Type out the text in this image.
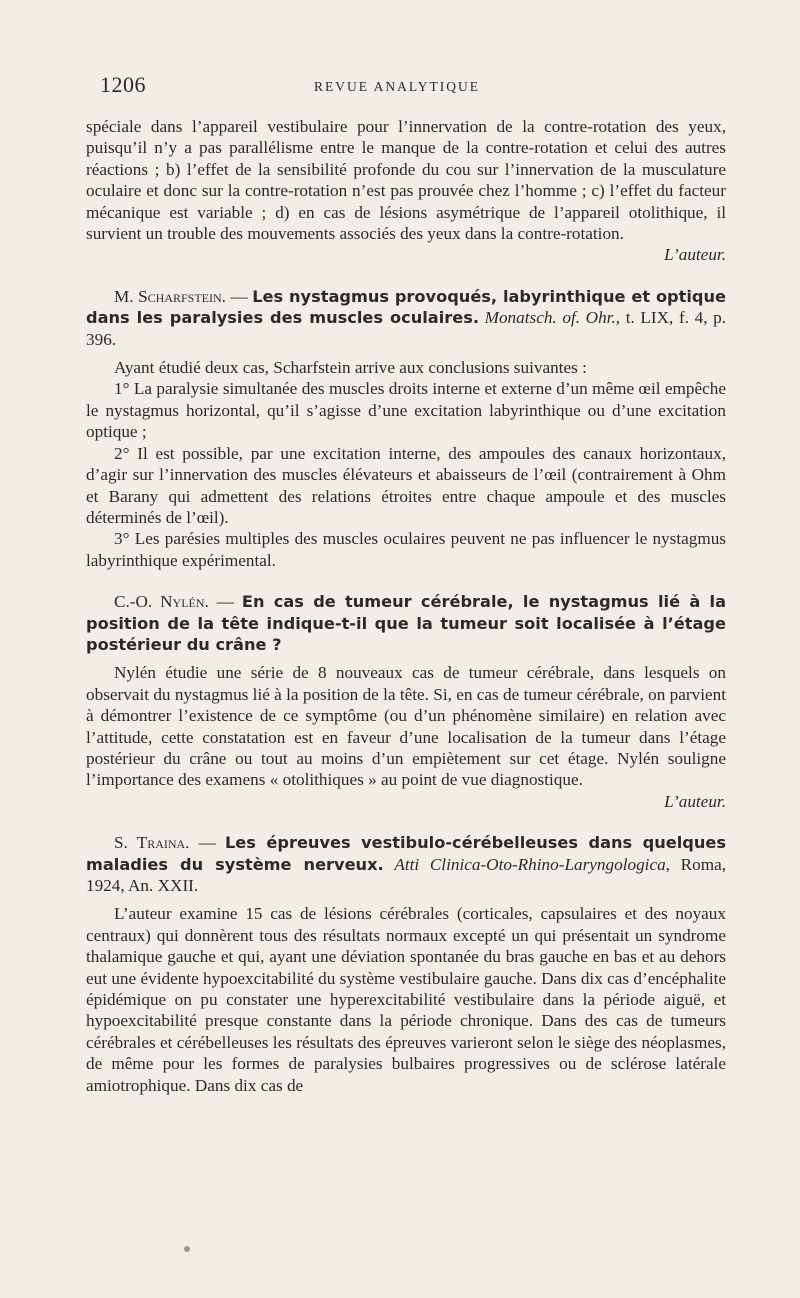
1206	REVUE ANALYTIQUE

spéciale dans l’appareil vestibulaire pour l’innervation de la contre-rotation des yeux, puisqu’il n’y a pas parallélisme entre le manque de la contre-rotation et celui des autres réactions ; b) l’effet de la sensibilité profonde du cou sur l’innervation de la musculature oculaire et donc sur la contre-rotation n’est pas prouvée chez l’homme ; c) l’effet du facteur mécanique est variable ; d) en cas de lésions asymétrique de l’appareil otolithique, il survient un trouble des mouvements associés des yeux dans la contre-rotation.

L’auteur.

M. Scharfstein. — Les nystagmus provoqués, labyrinthique et optique dans les paralysies des muscles oculaires. Monatsch. of. Ohr., t. LIX, f. 4, p. 396.

Ayant étudié deux cas, Scharfstein arrive aux conclusions suivantes :

1° La paralysie simultanée des muscles droits interne et externe d’un même œil empêche le nystagmus horizontal, qu’il s’agisse d’une excitation labyrinthique ou d’une excitation optique ;

2° Il est possible, par une excitation interne, des ampoules des canaux horizontaux, d’agir sur l’innervation des muscles élévateurs et abaisseurs de l’œil (contrairement à Ohm et Barany qui admettent des relations étroites entre chaque ampoule et des muscles déterminés de l’œil).

3° Les parésies multiples des muscles oculaires peuvent ne pas influencer le nystagmus labyrinthique expérimental.

C.-O. Nylén. — En cas de tumeur cérébrale, le nystagmus lié à la position de la tête indique-t-il que la tumeur soit localisée à l’étage postérieur du crâne ?

Nylén étudie une série de 8 nouveaux cas de tumeur cérébrale, dans lesquels on observait du nystagmus lié à la position de la tête. Si, en cas de tumeur cérébrale, on parvient à démontrer l’existence de ce symptôme (ou d’un phénomène similaire) en relation avec l’attitude, cette constatation est en faveur d’une localisation de la tumeur dans l’étage postérieur du crâne ou tout au moins d’un empiètement sur cet étage. Nylén souligne l’importance des examens « otolithiques » au point de vue diagnostique.

L’auteur.

S. Traina. — Les épreuves vestibulo-cérébelleuses dans quelques maladies du système nerveux. Atti Clinica-Oto-Rhino-Laryngologica, Roma, 1924, An. XXII.

L’auteur examine 15 cas de lésions cérébrales (corticales, capsulaires et des noyaux centraux) qui donnèrent tous des résultats normaux excepté un qui présentait un syndrome thalamique gauche et qui, ayant une déviation spontanée du bras gauche en bas et au dehors eut une évidente hypoexcitabilité du système vestibulaire gauche. Dans dix cas d’encéphalite épidémique on pu constater une hyperexcitabilité vestibulaire dans la période aiguë, et hypoexcitabilité presque constante dans la période chronique. Dans des cas de tumeurs cérébrales et cérébelleuses les résultats des épreuves varieront selon le siège des néoplasmes, de même pour les formes de paralysies bulbaires progressives ou de sclérose latérale amiotrophique. Dans dix cas de
